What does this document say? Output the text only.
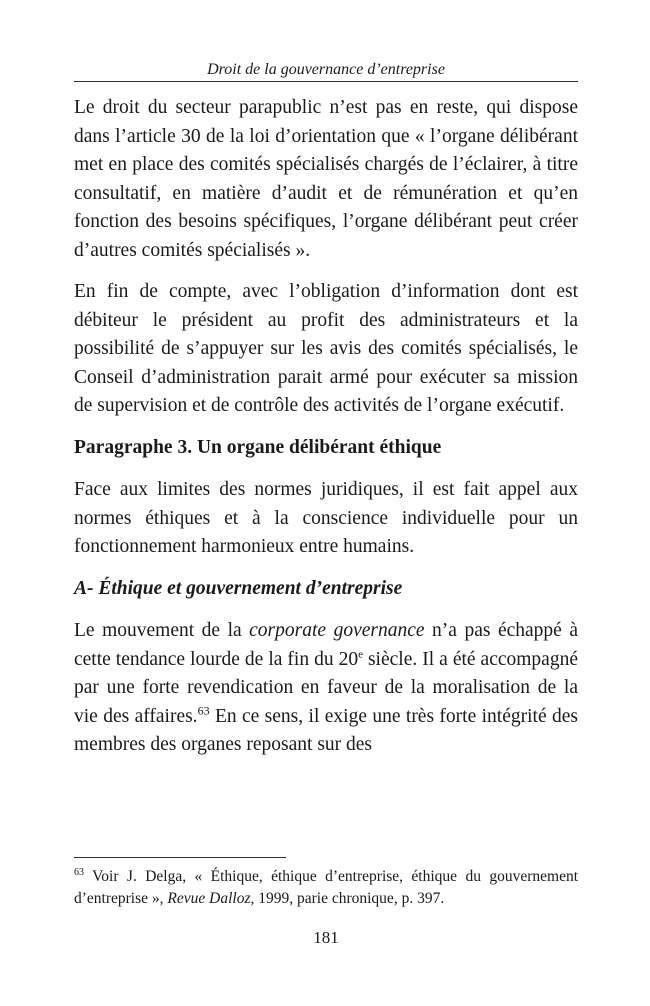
Droit de la gouvernance d’entreprise

Le droit du secteur parapublic n’est pas en reste, qui dispose dans l’article 30 de la loi d’orientation que « l’organe délibérant met en place des comités spécialisés chargés de l’éclairer, à titre consultatif, en matière d’audit et de rémunération et qu’en fonction des besoins spécifiques, l’organe délibérant peut créer d’autres comités spécialisés ».

En fin de compte, avec l’obligation d’information dont est débiteur le président au profit des administrateurs et la possibilité de s’appuyer sur les avis des comités spécialisés, le Conseil d’administration parait armé pour exécuter sa mission de supervision et de contrôle des activités de l’organe exécutif.

Paragraphe 3. Un organe délibérant éthique

Face aux limites des normes juridiques, il est fait appel aux normes éthiques et à la conscience individuelle pour un fonctionnement harmonieux entre humains.

A- Éthique et gouvernement d’entreprise

Le mouvement de la corporate governance n’a pas échappé à cette tendance lourde de la fin du 20e siècle. Il a été accompagné par une forte revendication en faveur de la moralisation de la vie des affaires.$^{63}$ En ce sens, il exige une très forte intégrité des membres des organes reposant sur des

$^{63}$ Voir J. Delga, « Éthique, éthique d’entreprise, éthique du gouvernement d’entreprise », Revue Dalloz, 1999, parie chronique, p. 397.

181
